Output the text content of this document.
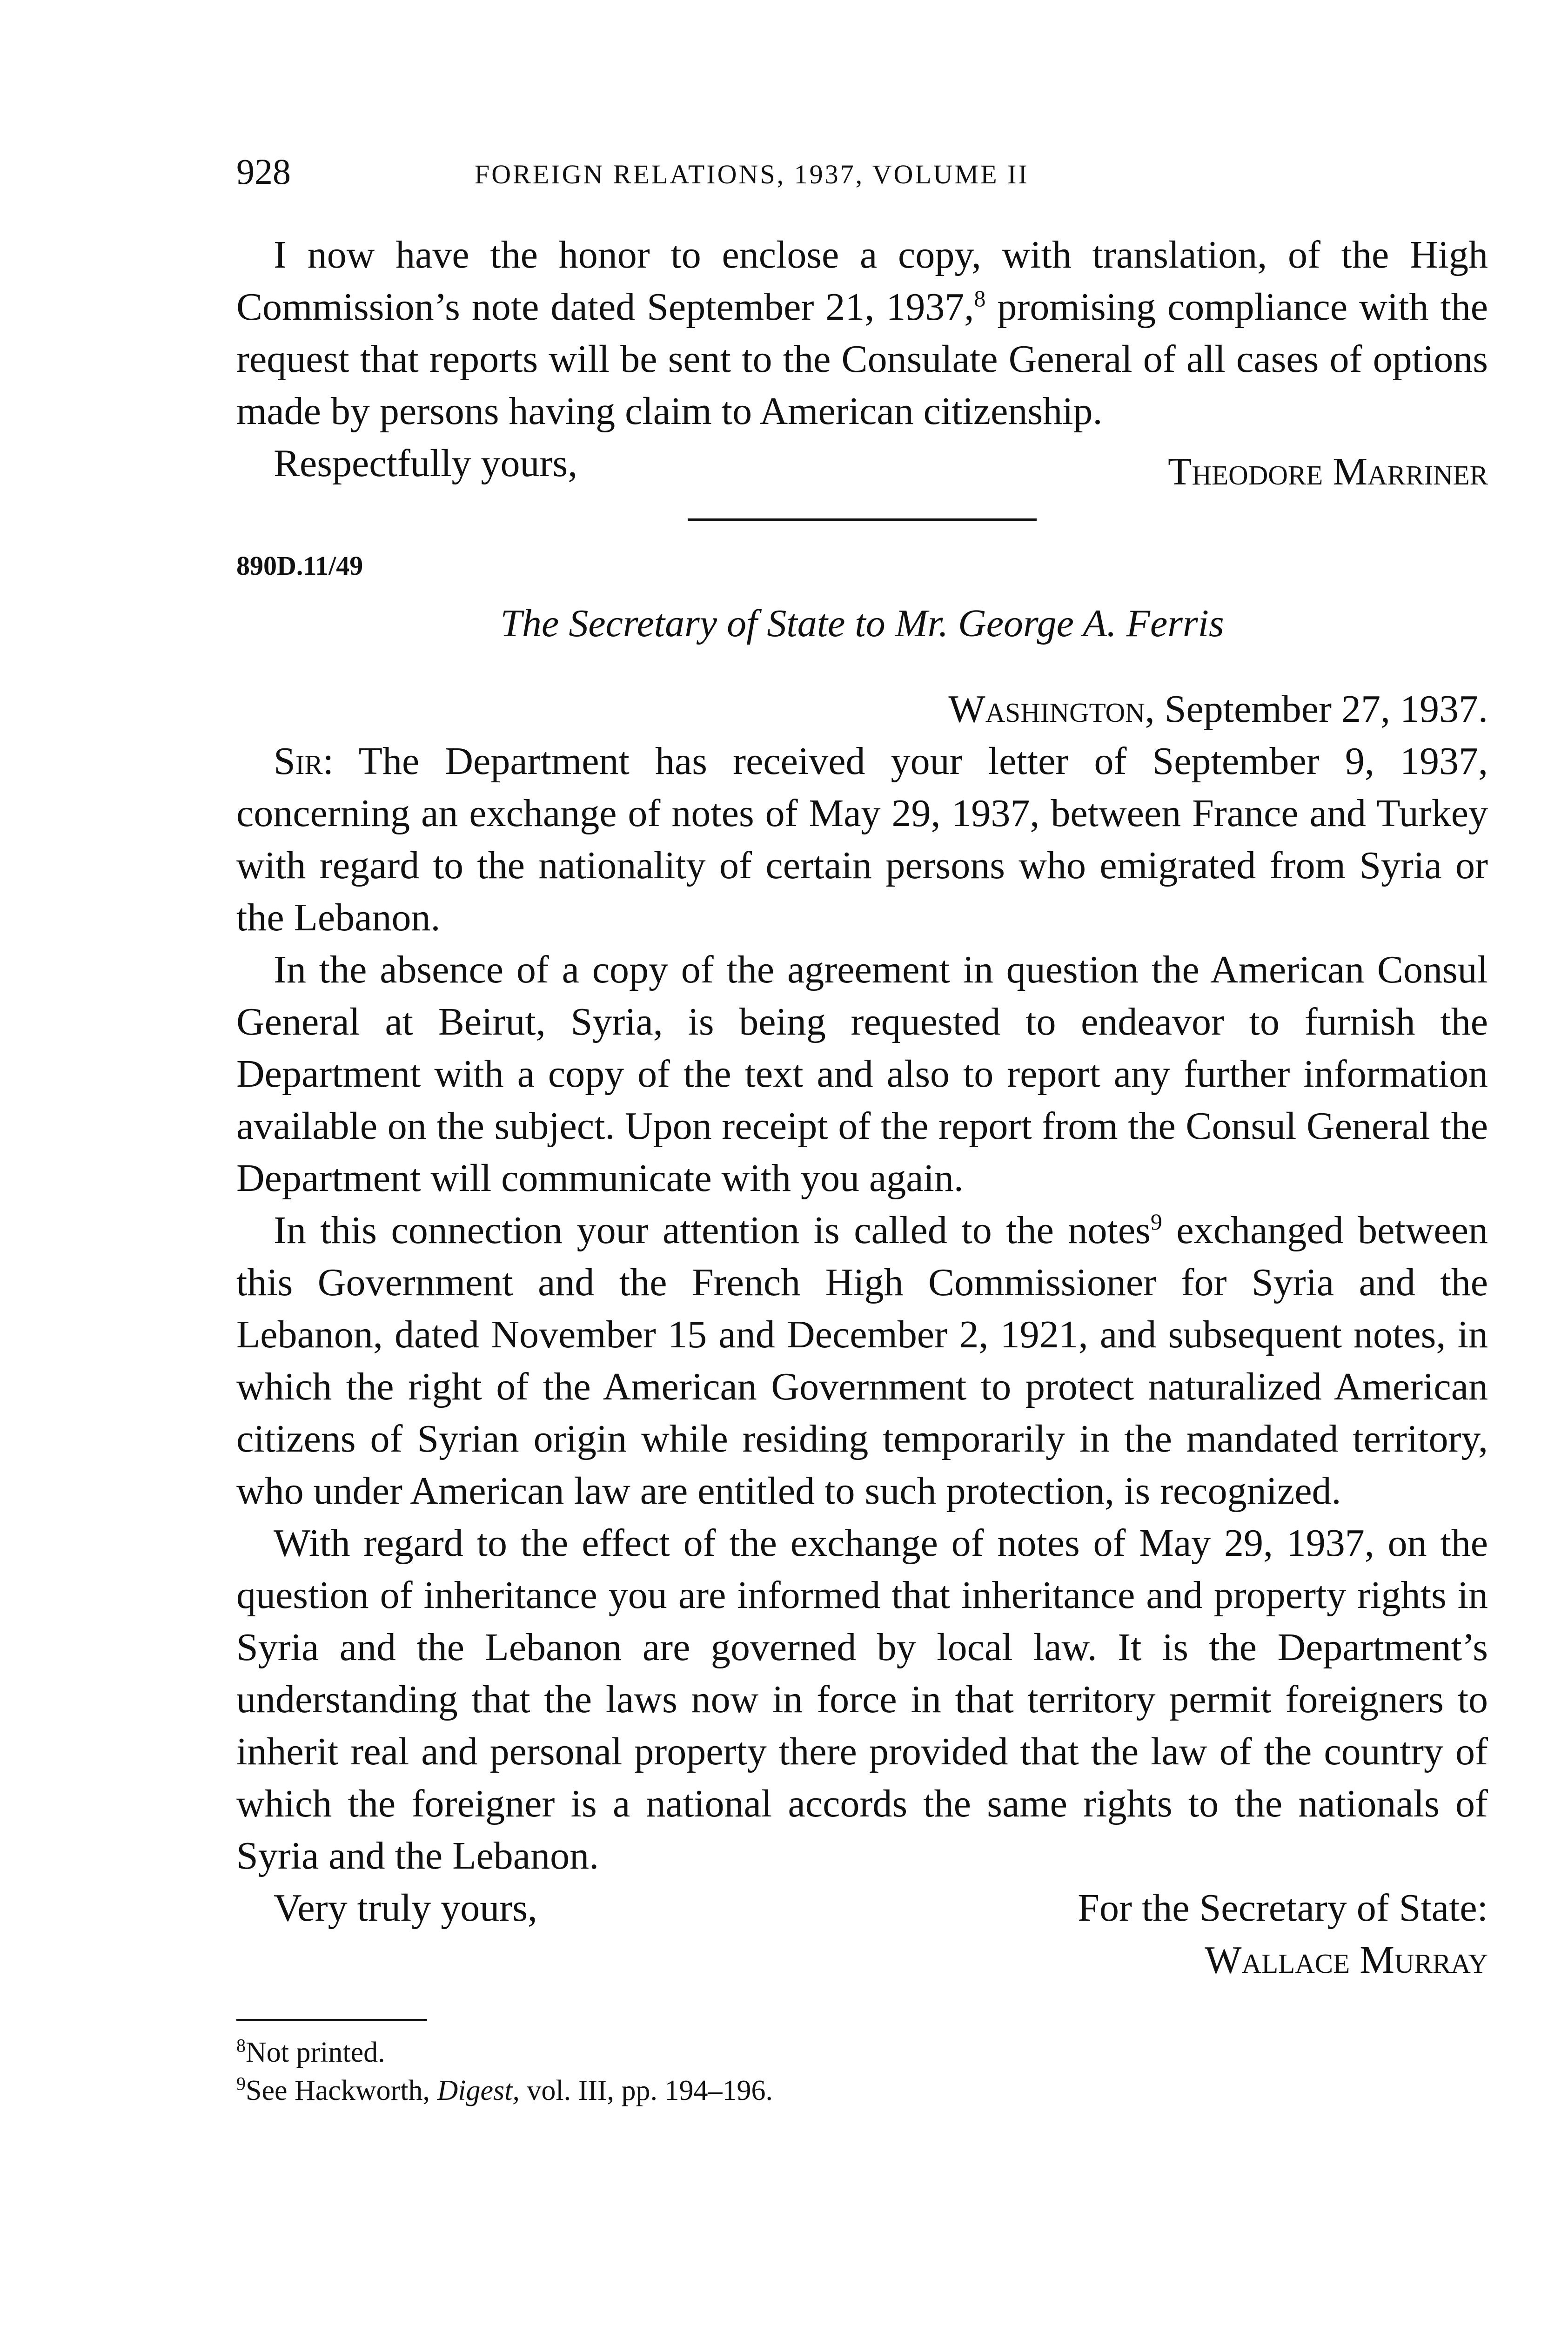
928	FOREIGN RELATIONS, 1937, VOLUME II

I now have the honor to enclose a copy, with translation, of the High Commission’s note dated September 21, 1937,$^8$ promising compliance with the request that reports will be sent to the Consulate General of all cases of options made by persons having claim to American citizenship.

Respectfully yours,	Theodore Marriner
890D.11/49
The Secretary of State to Mr. George A. Ferris
Washington, September 27, 1937.

Sir: The Department has received your letter of September 9, 1937, concerning an exchange of notes of May 29, 1937, between France and Turkey with regard to the nationality of certain persons who emigrated from Syria or the Lebanon.

In the absence of a copy of the agreement in question the American Consul General at Beirut, Syria, is being requested to endeavor to furnish the Department with a copy of the text and also to report any further information available on the subject. Upon receipt of the report from the Consul General the Department will communicate with you again.

In this connection your attention is called to the notes$^9$ exchanged between this Government and the French High Commissioner for Syria and the Lebanon, dated November 15 and December 2, 1921, and subsequent notes, in which the right of the American Government to protect naturalized American citizens of Syrian origin while residing temporarily in the mandated territory, who under American law are entitled to such protection, is recognized.

With regard to the effect of the exchange of notes of May 29, 1937, on the question of inheritance you are informed that inheritance and property rights in Syria and the Lebanon are governed by local law. It is the Department’s understanding that the laws now in force in that territory permit foreigners to inherit real and personal property there provided that the law of the country of which the foreigner is a national accords the same rights to the nationals of Syria and the Lebanon.

Very truly yours,	For the Secretary of State:
Wallace Murray
$^8$Not printed.
$^9$See Hackworth, Digest, vol. III, pp. 194–196.
